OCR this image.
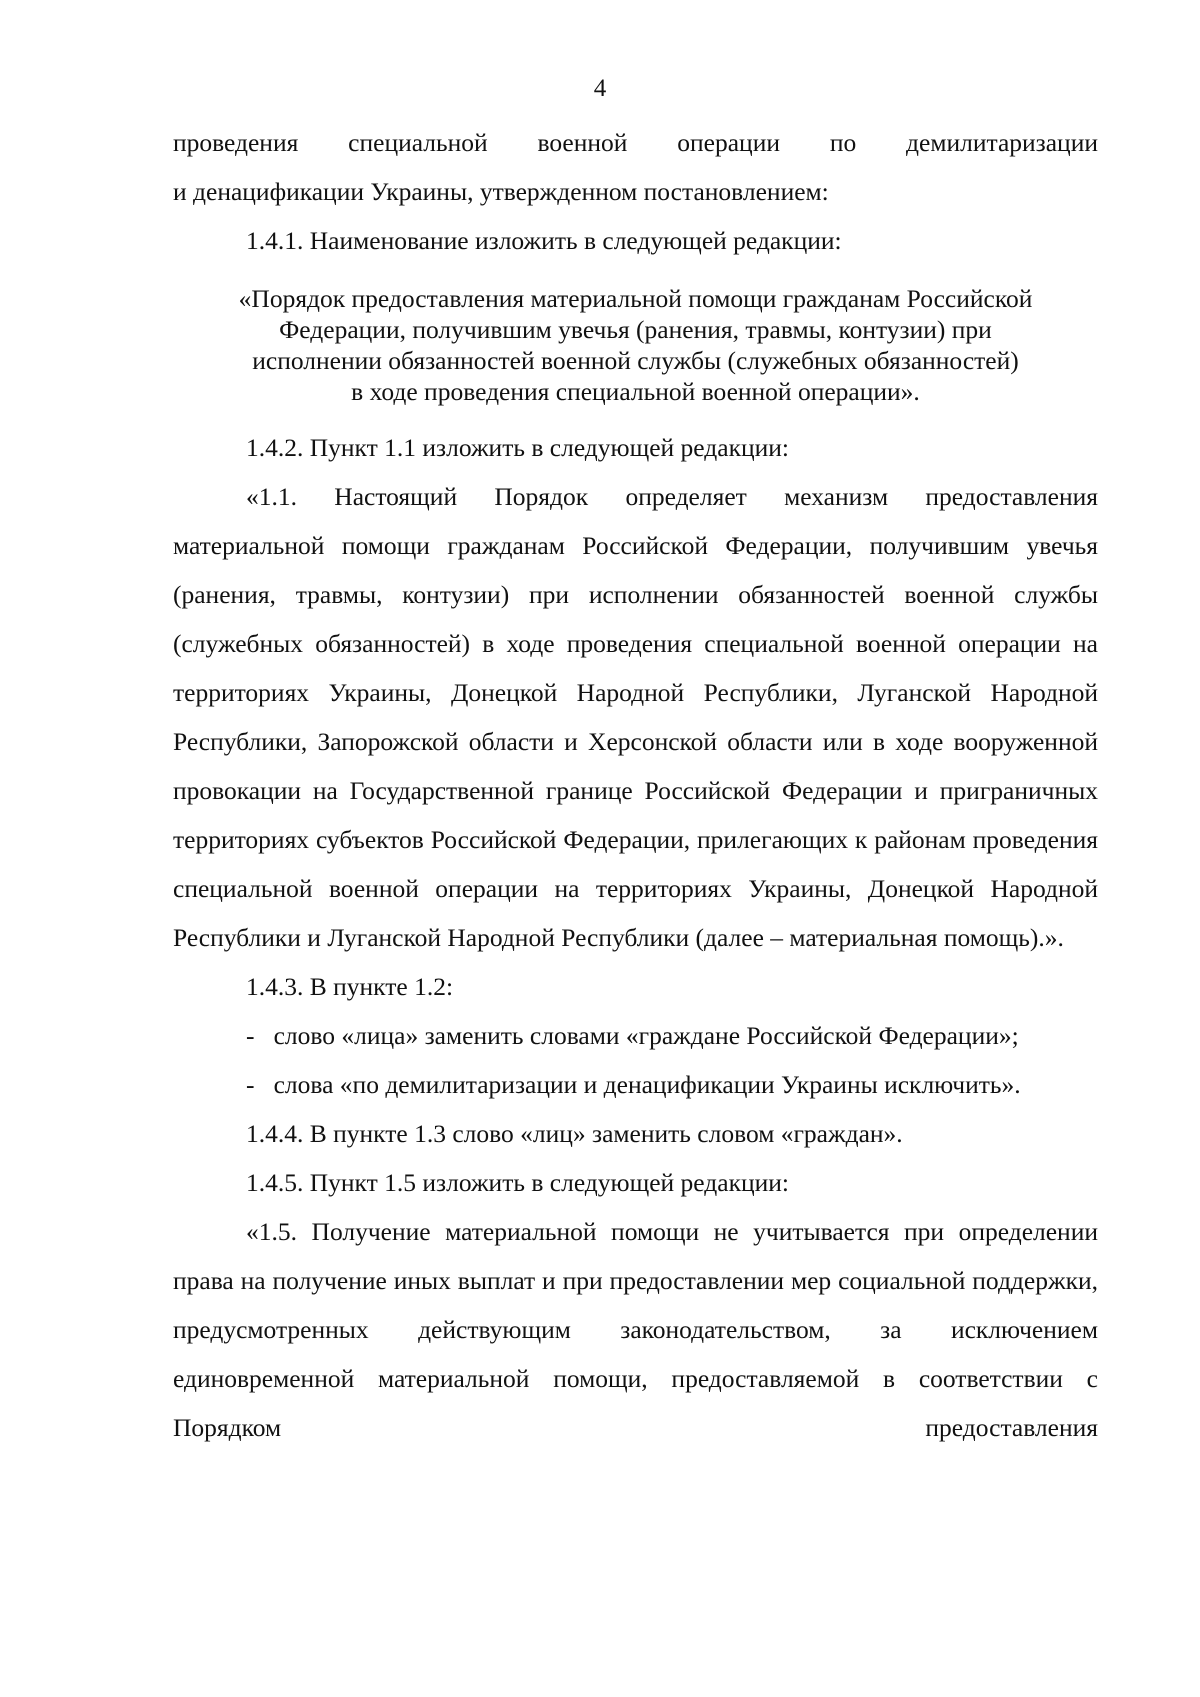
4

проведения специальной военной операции по демилитаризации

и денацификации Украины, утвержденном постановлением:

1.4.1. Наименование изложить в следующей редакции:

«Порядок предоставления материальной помощи гражданам Российской
Федерации, получившим увечья (ранения, травмы, контузии) при
исполнении обязанностей военной службы (служебных обязанностей)
в ходе проведения специальной военной операции».

1.4.2. Пункт 1.1 изложить в следующей редакции:

«1.1. Настоящий Порядок определяет механизм предоставления материальной помощи гражданам Российской Федерации, получившим увечья (ранения, травмы, контузии) при исполнении обязанностей военной службы (служебных обязанностей) в ходе проведения специальной военной операции на территориях Украины, Донецкой Народной Республики, Луганской Народной Республики, Запорожской области и Херсонской области или в ходе вооруженной провокации на Государственной границе Российской Федерации и приграничных территориях субъектов Российской Федерации, прилегающих к районам проведения специальной военной операции на территориях Украины, Донецкой Народной Республики и Луганской Народной Республики (далее – материальная помощь).».

1.4.3. В пункте 1.2:

-   слово «лица» заменить словами «граждане Российской Федерации»;

-   слова «по демилитаризации и денацификации Украины исключить».

1.4.4. В пункте 1.3 слово «лиц» заменить словом «граждан».

1.4.5. Пункт 1.5 изложить в следующей редакции:

«1.5. Получение материальной помощи не учитывается при определении права на получение иных выплат и при предоставлении мер социальной поддержки, предусмотренных действующим законодательством, за исключением единовременной материальной помощи, предоставляемой в соответствии с Порядком предоставления
